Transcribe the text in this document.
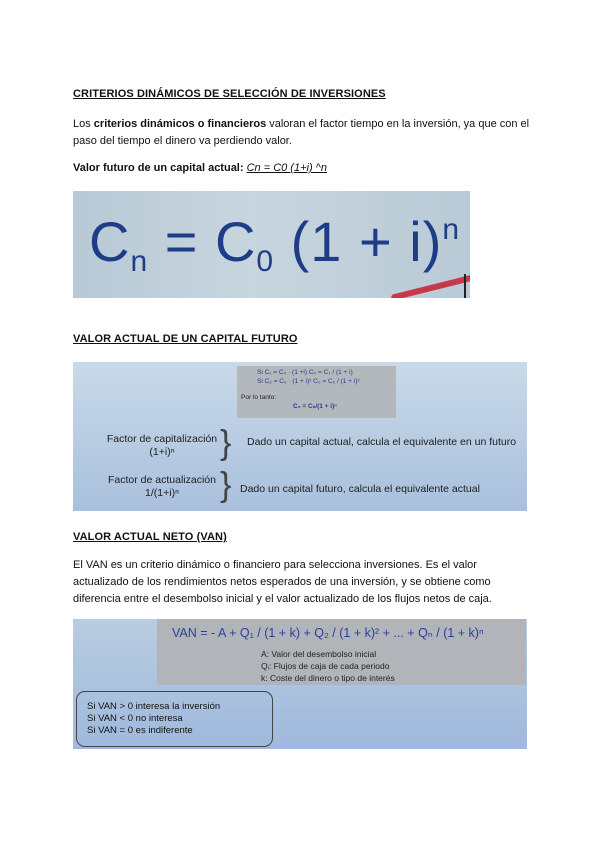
CRITERIOS DINÁMICOS DE SELECCIÓN DE INVERSIONES
Los criterios dinámicos o financieros valoran el factor tiempo en la inversión, ya que con el paso del tiempo el dinero va perdiendo valor.
Valor futuro de un capital actual: Cn = C0 (1+i) ^n
$C_n = C_0$ $(1 + i)^n$
VALOR ACTUAL DE UN CAPITAL FUTURO
Si C₁ = C₀ · (1 +i) C₀ = C₁ / (1 + i)
Si C₂ = C₀ · (1 + i)² C₀ = C₂ / (1 + i)²
Por lo tanto:
C₀ = Cₙ/(1 + i)ⁿ
Factor de capitalización
(1+i)ⁿ	} Dado un capital actual, calcula el equivalente en un futuro
Factor de actualización
1/(1+i)ⁿ	} Dado un capital futuro, calcula el equivalente actual
VALOR ACTUAL NETO (VAN)
El VAN es un criterio dinámico o financiero para selecciona inversiones. Es el valor actualizado de los rendimientos netos esperados de una inversión, y se obtiene como diferencia entre el desembolso inicial y el valor actualizado de los flujos netos de caja.
VAN = - A + Q₁ / (1 + k) + Q₂ / (1 + k)² + ... + Qₙ / (1 + k)ⁿ
A: Valor del desembolso inicial
Qᵢ: Flujos de caja de cada periodo
k: Coste del dinero o tipo de interés
Si VAN > 0 interesa la inversión
Si VAN < 0 no interesa
Si VAN = 0 es indiferente
